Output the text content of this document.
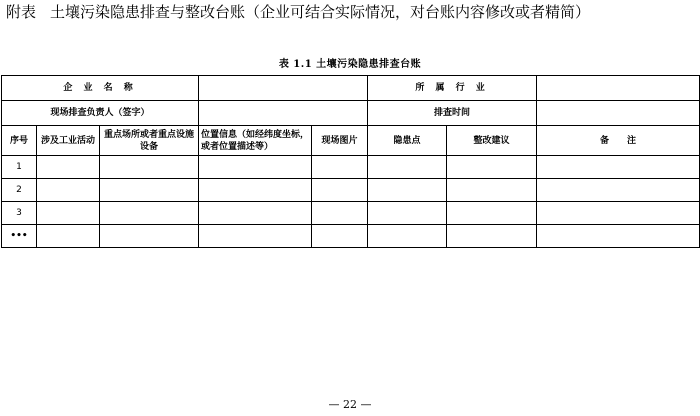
附表 土壤污染隐患排查与整改台账（企业可结合实际情况，对台账内容修改或者精简）
表 1.1 土壤污染隐患排查台账
企 业 名 称					所 属 行 业		
现场排查负责人（签字）					排查时间		
序号	涉及工业活动	重点场所或者重点设施设备	位置信息（如经纬度坐标，或者位置描述等）	现场图片	隐患点	整改建议	备　　注
1							
2							
3							
•••							
— 22 —
